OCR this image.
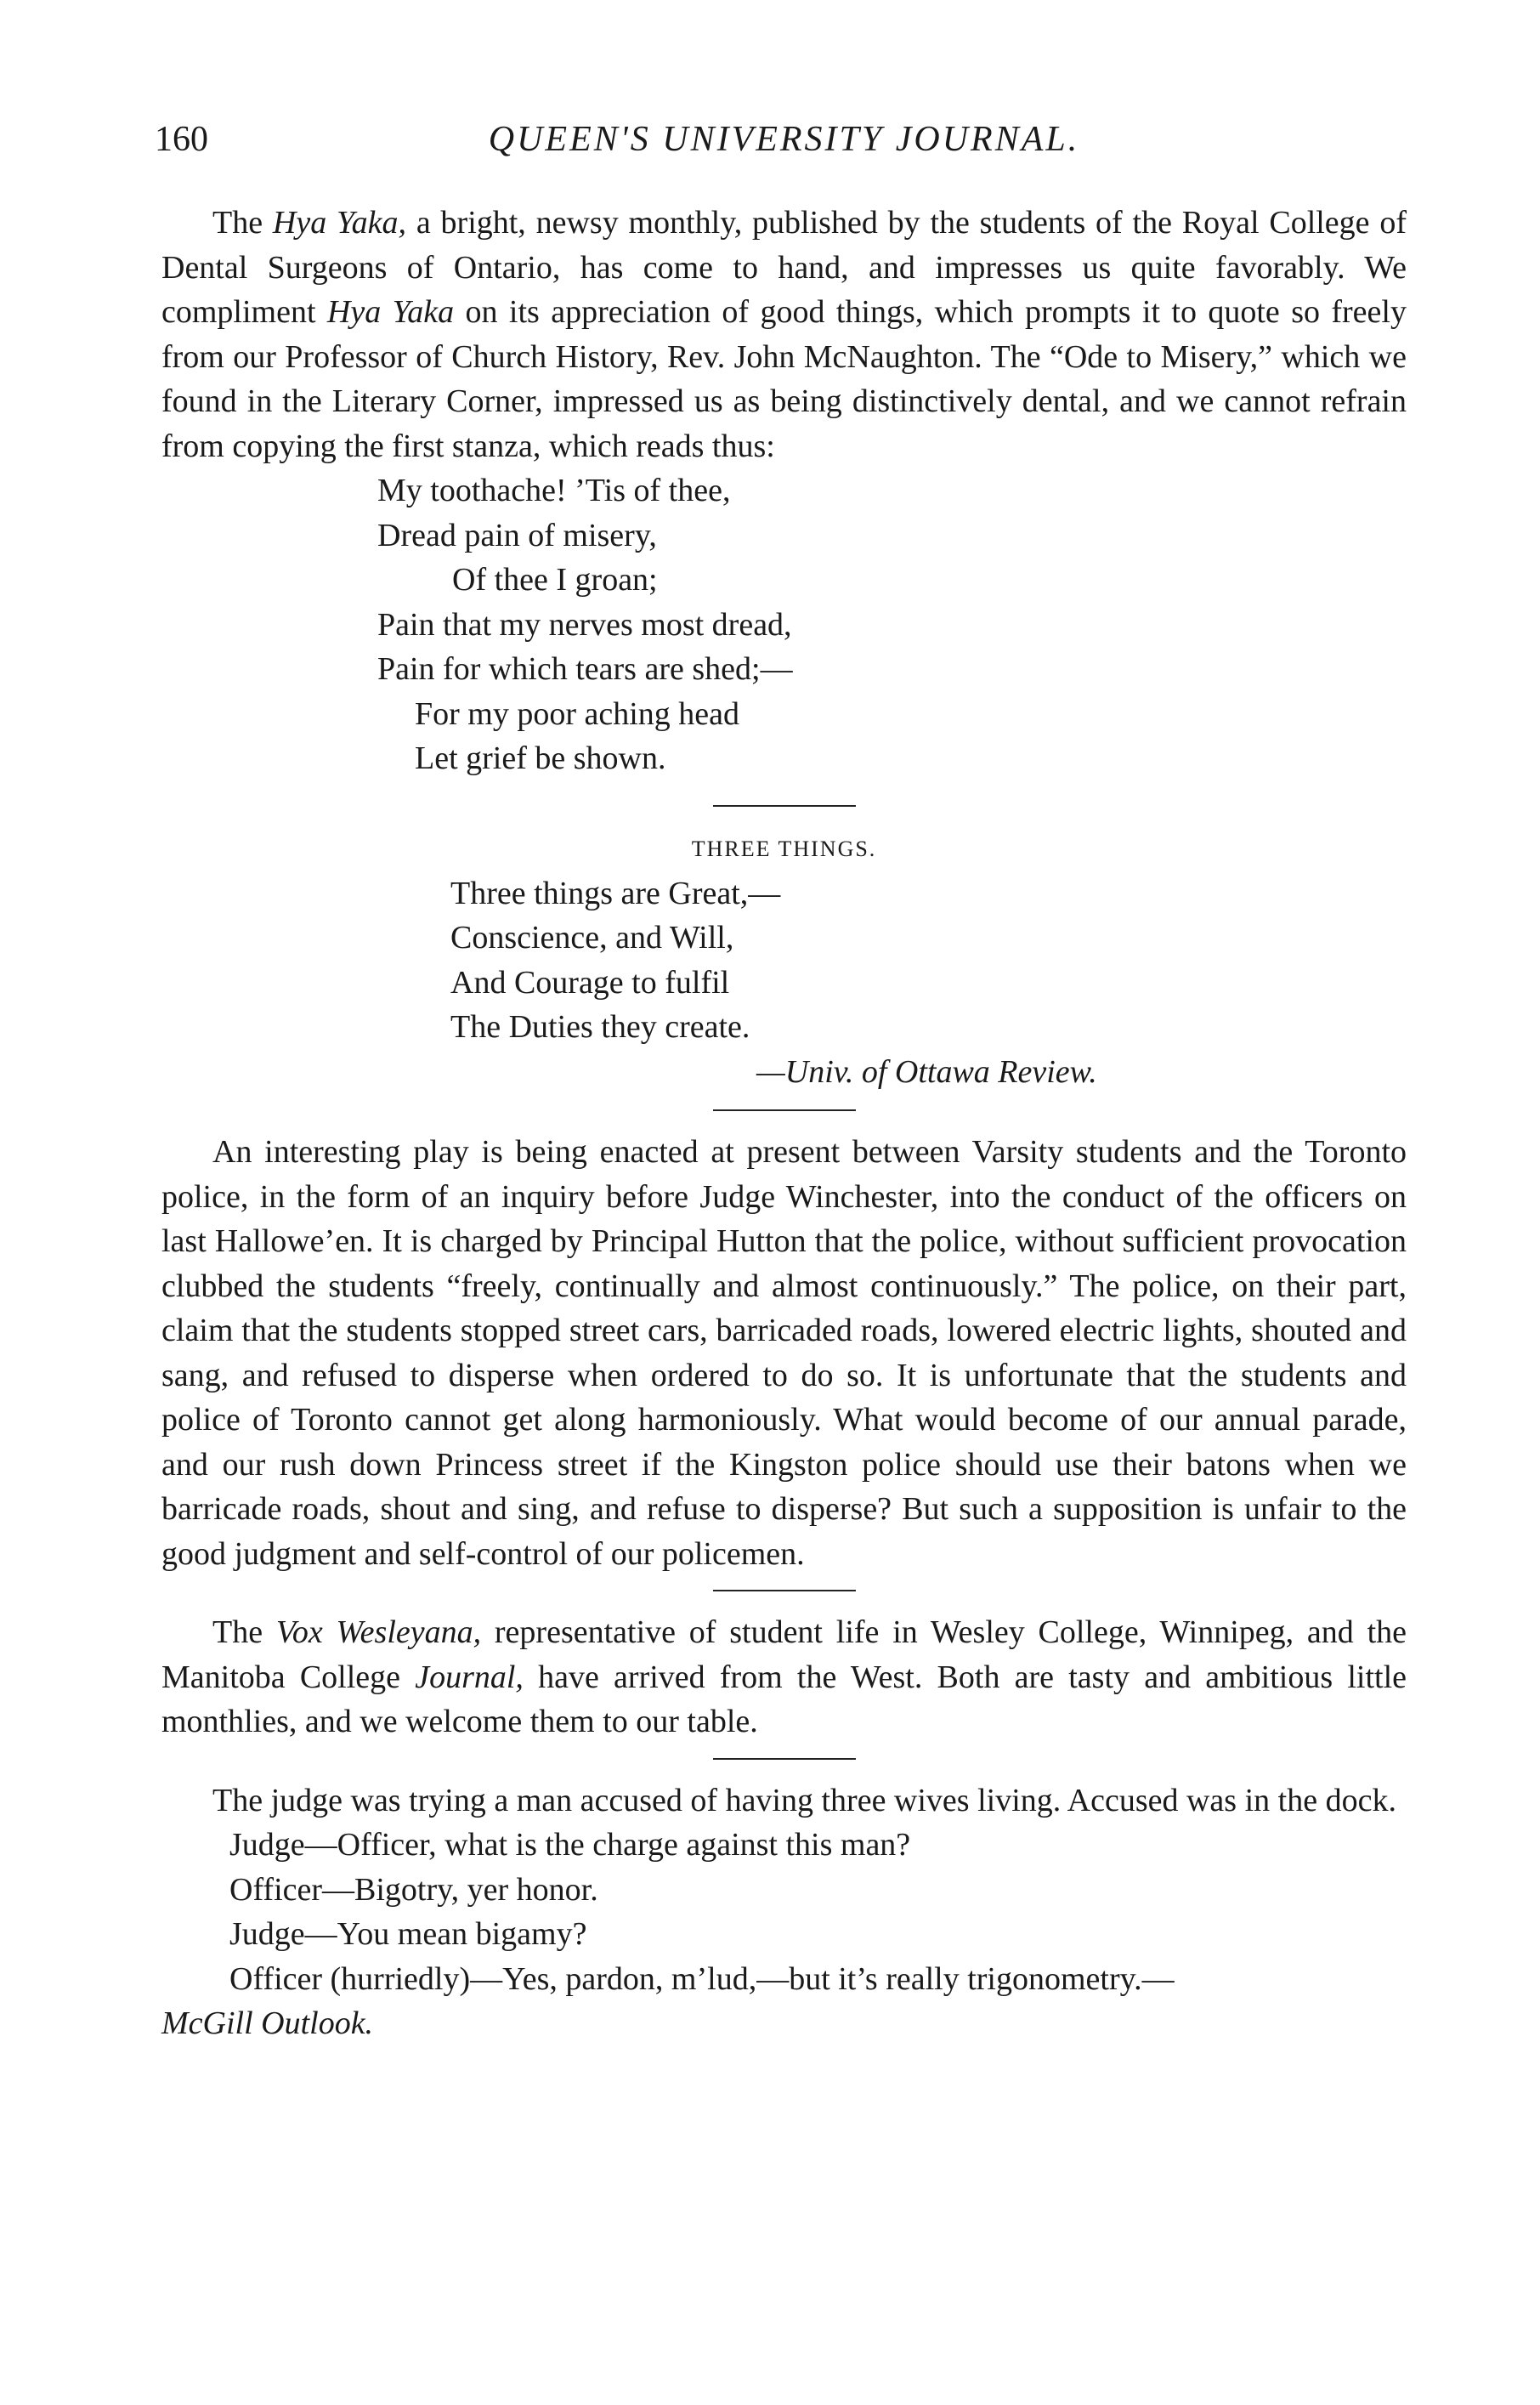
160	QUEEN'S UNIVERSITY JOURNAL.

The Hya Yaka, a bright, newsy monthly, published by the students of the Royal College of Dental Surgeons of Ontario, has come to hand, and impresses us quite favorably. We compliment Hya Yaka on its appreciation of good things, which prompts it to quote so freely from our Professor of Church History, Rev. John McNaughton. The “Ode to Misery,” which we found in the Literary Corner, impressed us as being distinctively dental, and we cannot refrain from copying the first stanza, which reads thus:

My toothache! ’Tis of thee,
Dread pain of misery,
Of thee I groan;
Pain that my nerves most dread,
Pain for which tears are shed;—
For my poor aching head
Let grief be shown.
THREE THINGS.
Three things are Great,—
Conscience, and Will,
And Courage to fulfil
The Duties they create.
—Univ. of Ottawa Review.

An interesting play is being enacted at present between Varsity students and the Toronto police, in the form of an inquiry before Judge Winchester, into the conduct of the officers on last Hallowe’en. It is charged by Principal Hutton that the police, without sufficient provocation clubbed the students “freely, continually and almost continuously.” The police, on their part, claim that the students stopped street cars, barricaded roads, lowered electric lights, shouted and sang, and refused to disperse when ordered to do so. It is unfortunate that the students and police of Toronto cannot get along harmoniously. What would become of our annual parade, and our rush down Princess street if the Kingston police should use their batons when we barricade roads, shout and sing, and refuse to disperse? But such a supposition is unfair to the good judgment and self-control of our policemen.

The Vox Wesleyana, representative of student life in Wesley College, Winnipeg, and the Manitoba College Journal, have arrived from the West. Both are tasty and ambitious little monthlies, and we welcome them to our table.

The judge was trying a man accused of having three wives living. Accused was in the dock.

Judge—Officer, what is the charge against this man?
Officer—Bigotry, yer honor.
Judge—You mean bigamy?
Officer (hurriedly)—Yes, pardon, m’lud,—but it’s really trigonometry.—

McGill Outlook.
